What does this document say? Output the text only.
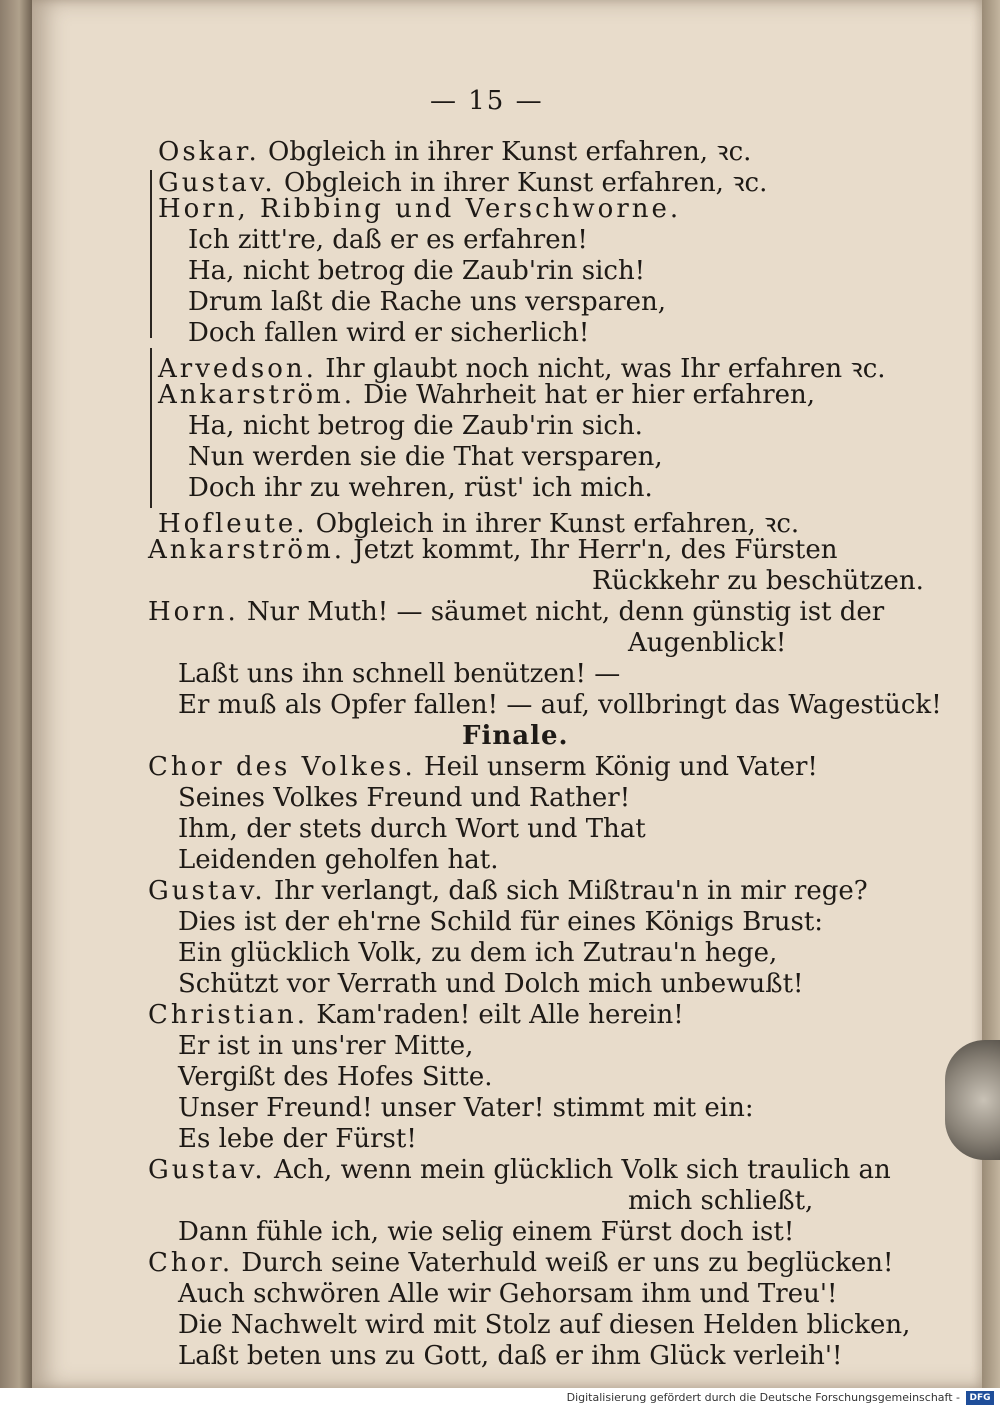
— 15 —
Oskar. Obgleich in ihrer Kunst erfahren, ꝛc.
Gustav. Obgleich in ihrer Kunst erfahren, ꝛc.
Horn, Ribbing und Verschworne.
Ich zitt're, daß er es erfahren!
Ha, nicht betrog die Zaub'rin sich!
Drum laßt die Rache uns versparen,
Doch fallen wird er sicherlich!
Arvedson. Ihr glaubt noch nicht, was Ihr erfahren ꝛc.
Ankarström. Die Wahrheit hat er hier erfahren,
Ha, nicht betrog die Zaub'rin sich.
Nun werden sie die That versparen,
Doch ihr zu wehren, rüst' ich mich.
Hofleute. Obgleich in ihrer Kunst erfahren, ꝛc.
Ankarström. Jetzt kommt, Ihr Herr'n, des Fürsten
Rückkehr zu beschützen.
Horn. Nur Muth! — säumet nicht, denn günstig ist der
Augenblick!
Laßt uns ihn schnell benützen! —
Er muß als Opfer fallen! — auf, vollbringt das Wagestück!
Finale.
Chor des Volkes. Heil unserm König und Vater!
Seines Volkes Freund und Rather!
Ihm, der stets durch Wort und That
Leidenden geholfen hat.
Gustav. Ihr verlangt, daß sich Mißtrau'n in mir rege?
Dies ist der eh'rne Schild für eines Königs Brust:
Ein glücklich Volk, zu dem ich Zutrau'n hege,
Schützt vor Verrath und Dolch mich unbewußt!
Christian. Kam'raden! eilt Alle herein!
Er ist in uns'rer Mitte,
Vergißt des Hofes Sitte.
Unser Freund! unser Vater! stimmt mit ein:
Es lebe der Fürst!
Gustav. Ach, wenn mein glücklich Volk sich traulich an
mich schließt,
Dann fühle ich, wie selig einem Fürst doch ist!
Chor. Durch seine Vaterhuld weiß er uns zu beglücken!
Auch schwören Alle wir Gehorsam ihm und Treu'!
Die Nachwelt wird mit Stolz auf diesen Helden blicken,
Laßt beten uns zu Gott, daß er ihm Glück verleih'!
Digitalisierung gefördert durch die Deutsche Forschungsgemeinschaft -	DFG
